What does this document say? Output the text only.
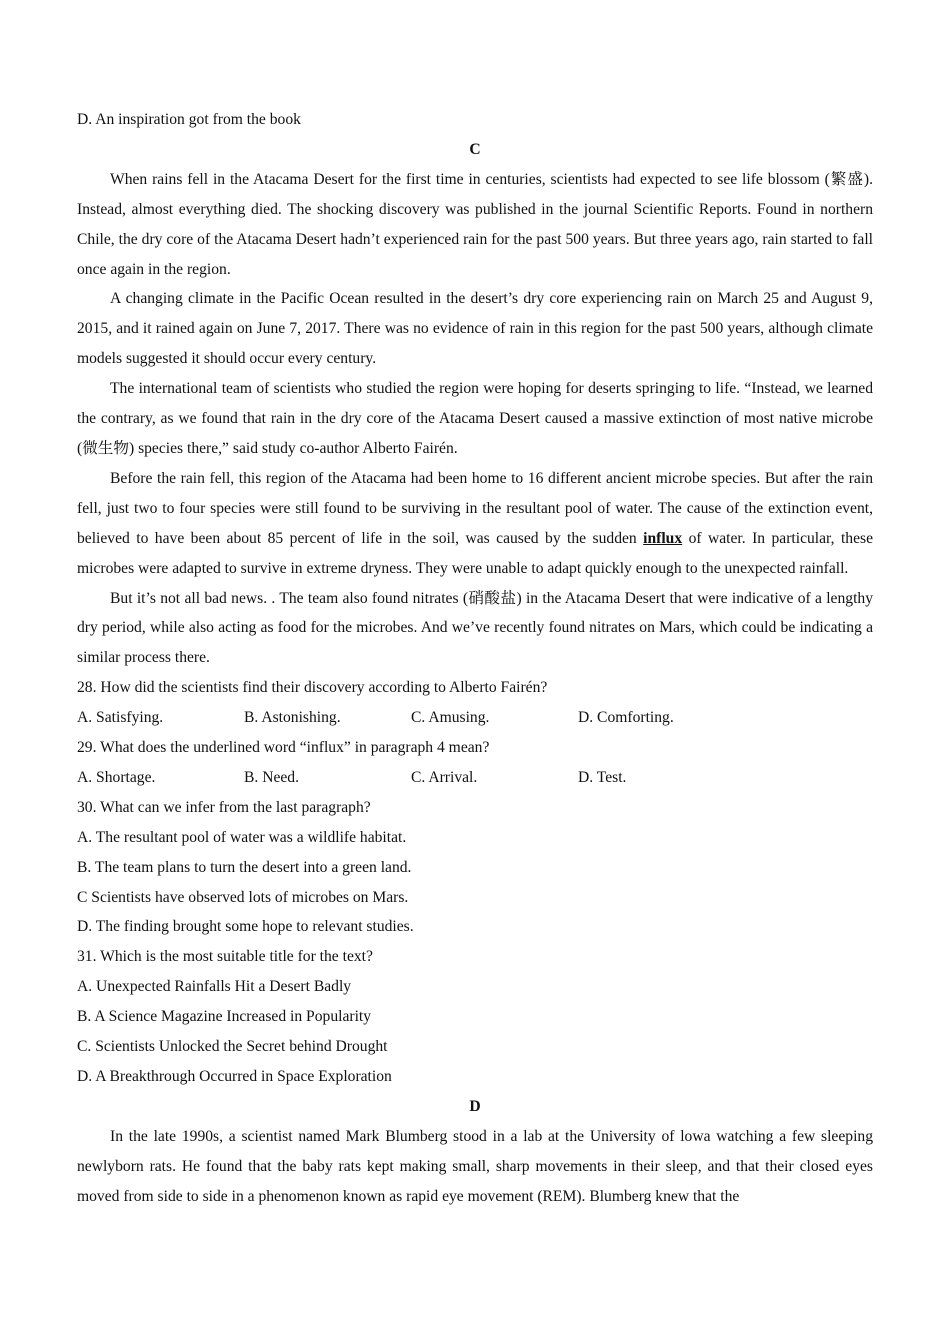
D. An inspiration got from the book

C

When rains fell in the Atacama Desert for the first time in centuries, scientists had expected to see life blossom (繁盛). Instead, almost everything died. The shocking discovery was published in the journal Scientific Reports. Found in northern Chile, the dry core of the Atacama Desert hadn’t experienced rain for the past 500 years. But three years ago, rain started to fall once again in the region.

A changing climate in the Pacific Ocean resulted in the desert’s dry core experiencing rain on March 25 and August 9, 2015, and it rained again on June 7, 2017. There was no evidence of rain in this region for the past 500 years, although climate models suggested it should occur every century.

The international team of scientists who studied the region were hoping for deserts springing to life. “Instead, we learned the contrary, as we found that rain in the dry core of the Atacama Desert caused a massive extinction of most native microbe (微生物) species there,” said study co-author Alberto Fairén.

Before the rain fell, this region of the Atacama had been home to 16 different ancient microbe species. But after the rain fell, just two to four species were still found to be surviving in the resultant pool of water. The cause of the extinction event, believed to have been about 85 percent of life in the soil, was caused by the sudden influx of water. In particular, these microbes were adapted to survive in extreme dryness. They were unable to adapt quickly enough to the unexpected rainfall.

But it’s not all bad news. . The team also found nitrates (硝酸盐) in the Atacama Desert that were indicative of a lengthy dry period, while also acting as food for the microbes. And we’ve recently found nitrates on Mars, which could be indicating a similar process there.

28. How did the scientists find their discovery according to Alberto Fairén?

A. Satisfying.	B. Astonishing.	C. Amusing.	D. Comforting.

29. What does the underlined word “influx” in paragraph 4 mean?

A. Shortage.	B. Need.	C. Arrival.	D. Test.

30. What can we infer from the last paragraph?

A. The resultant pool of water was a wildlife habitat.

B. The team plans to turn the desert into a green land.

C Scientists have observed lots of microbes on Mars.

D. The finding brought some hope to relevant studies.

31. Which is the most suitable title for the text?

A. Unexpected Rainfalls Hit a Desert Badly

B. A Science Magazine Increased in Popularity

C. Scientists Unlocked the Secret behind Drought

D. A Breakthrough Occurred in Space Exploration

D

In the late 1990s, a scientist named Mark Blumberg stood in a lab at the University of lowa watching a few sleeping newlyborn rats. He found that the baby rats kept making small, sharp movements in their sleep, and that their closed eyes moved from side to side in a phenomenon known as rapid eye movement (REM). Blumberg knew that the
